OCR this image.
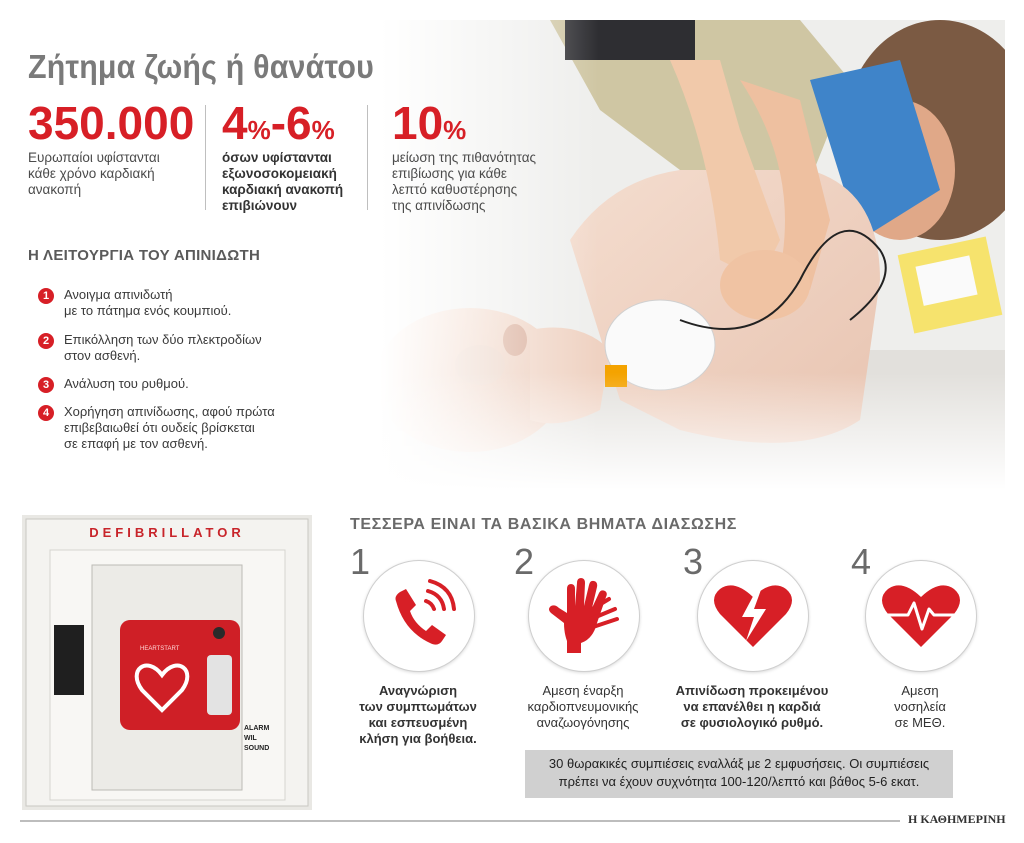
Ζήτημα ζωής ή θανάτου
350.000
Ευρωπαίοι υφίστανται
κάθε χρόνο καρδιακή
ανακοπή
4%-6%
όσων υφίστανται
εξωνοσοκομειακή
καρδιακή ανακοπή
επιβιώνουν
10%
μείωση της πιθανότητας
επιβίωσης για κάθε
λεπτό καθυστέρησης
της απινίδωσης
Η ΛΕΙΤΟΥΡΓΙΑ ΤΟΥ ΑΠΙΝΙΔΩΤΗ
1	Ανοιγμα απινιδωτή
με το πάτημα ενός κουμπιού.
2	Επικόλληση των δύο πλεκτροδίων
στον ασθενή.
3	Ανάλυση του ρυθμού.
4	Χορήγηση απινίδωσης, αφού πρώτα
επιβεβαιωθεί ότι ουδείς βρίσκεται
σε επαφή με τον ασθενή.
DEFIBRILLATOR
HEARTSTART
ALARM
WIL
SOUND
ΤΕΣΣΕΡΑ ΕΙΝΑΙ ΤΑ ΒΑΣΙΚΑ ΒΗΜΑΤΑ ΔΙΑΣΩΣΗΣ
1
Αναγνώριση
των συμπτωμάτων
και εσπευσμένη
κλήση για βοήθεια.
2
Αμεση έναρξη
καρδιοπνευμονικής
αναζωογόνησης
3
Απινίδωση προκειμένου
να επανέλθει η καρδιά
σε φυσιολογικό ρυθμό.
4
Αμεση
νοσηλεία
σε ΜΕΘ.
30 θωρακικές συμπιέσεις εναλλάξ με 2 εμφυσήσεις. Οι συμπιέσεις
πρέπει να έχουν συχνότητα 100-120/λεπτό και βάθος 5-6 εκατ.
Η ΚΑΘΗΜΕΡΙΝΗ
